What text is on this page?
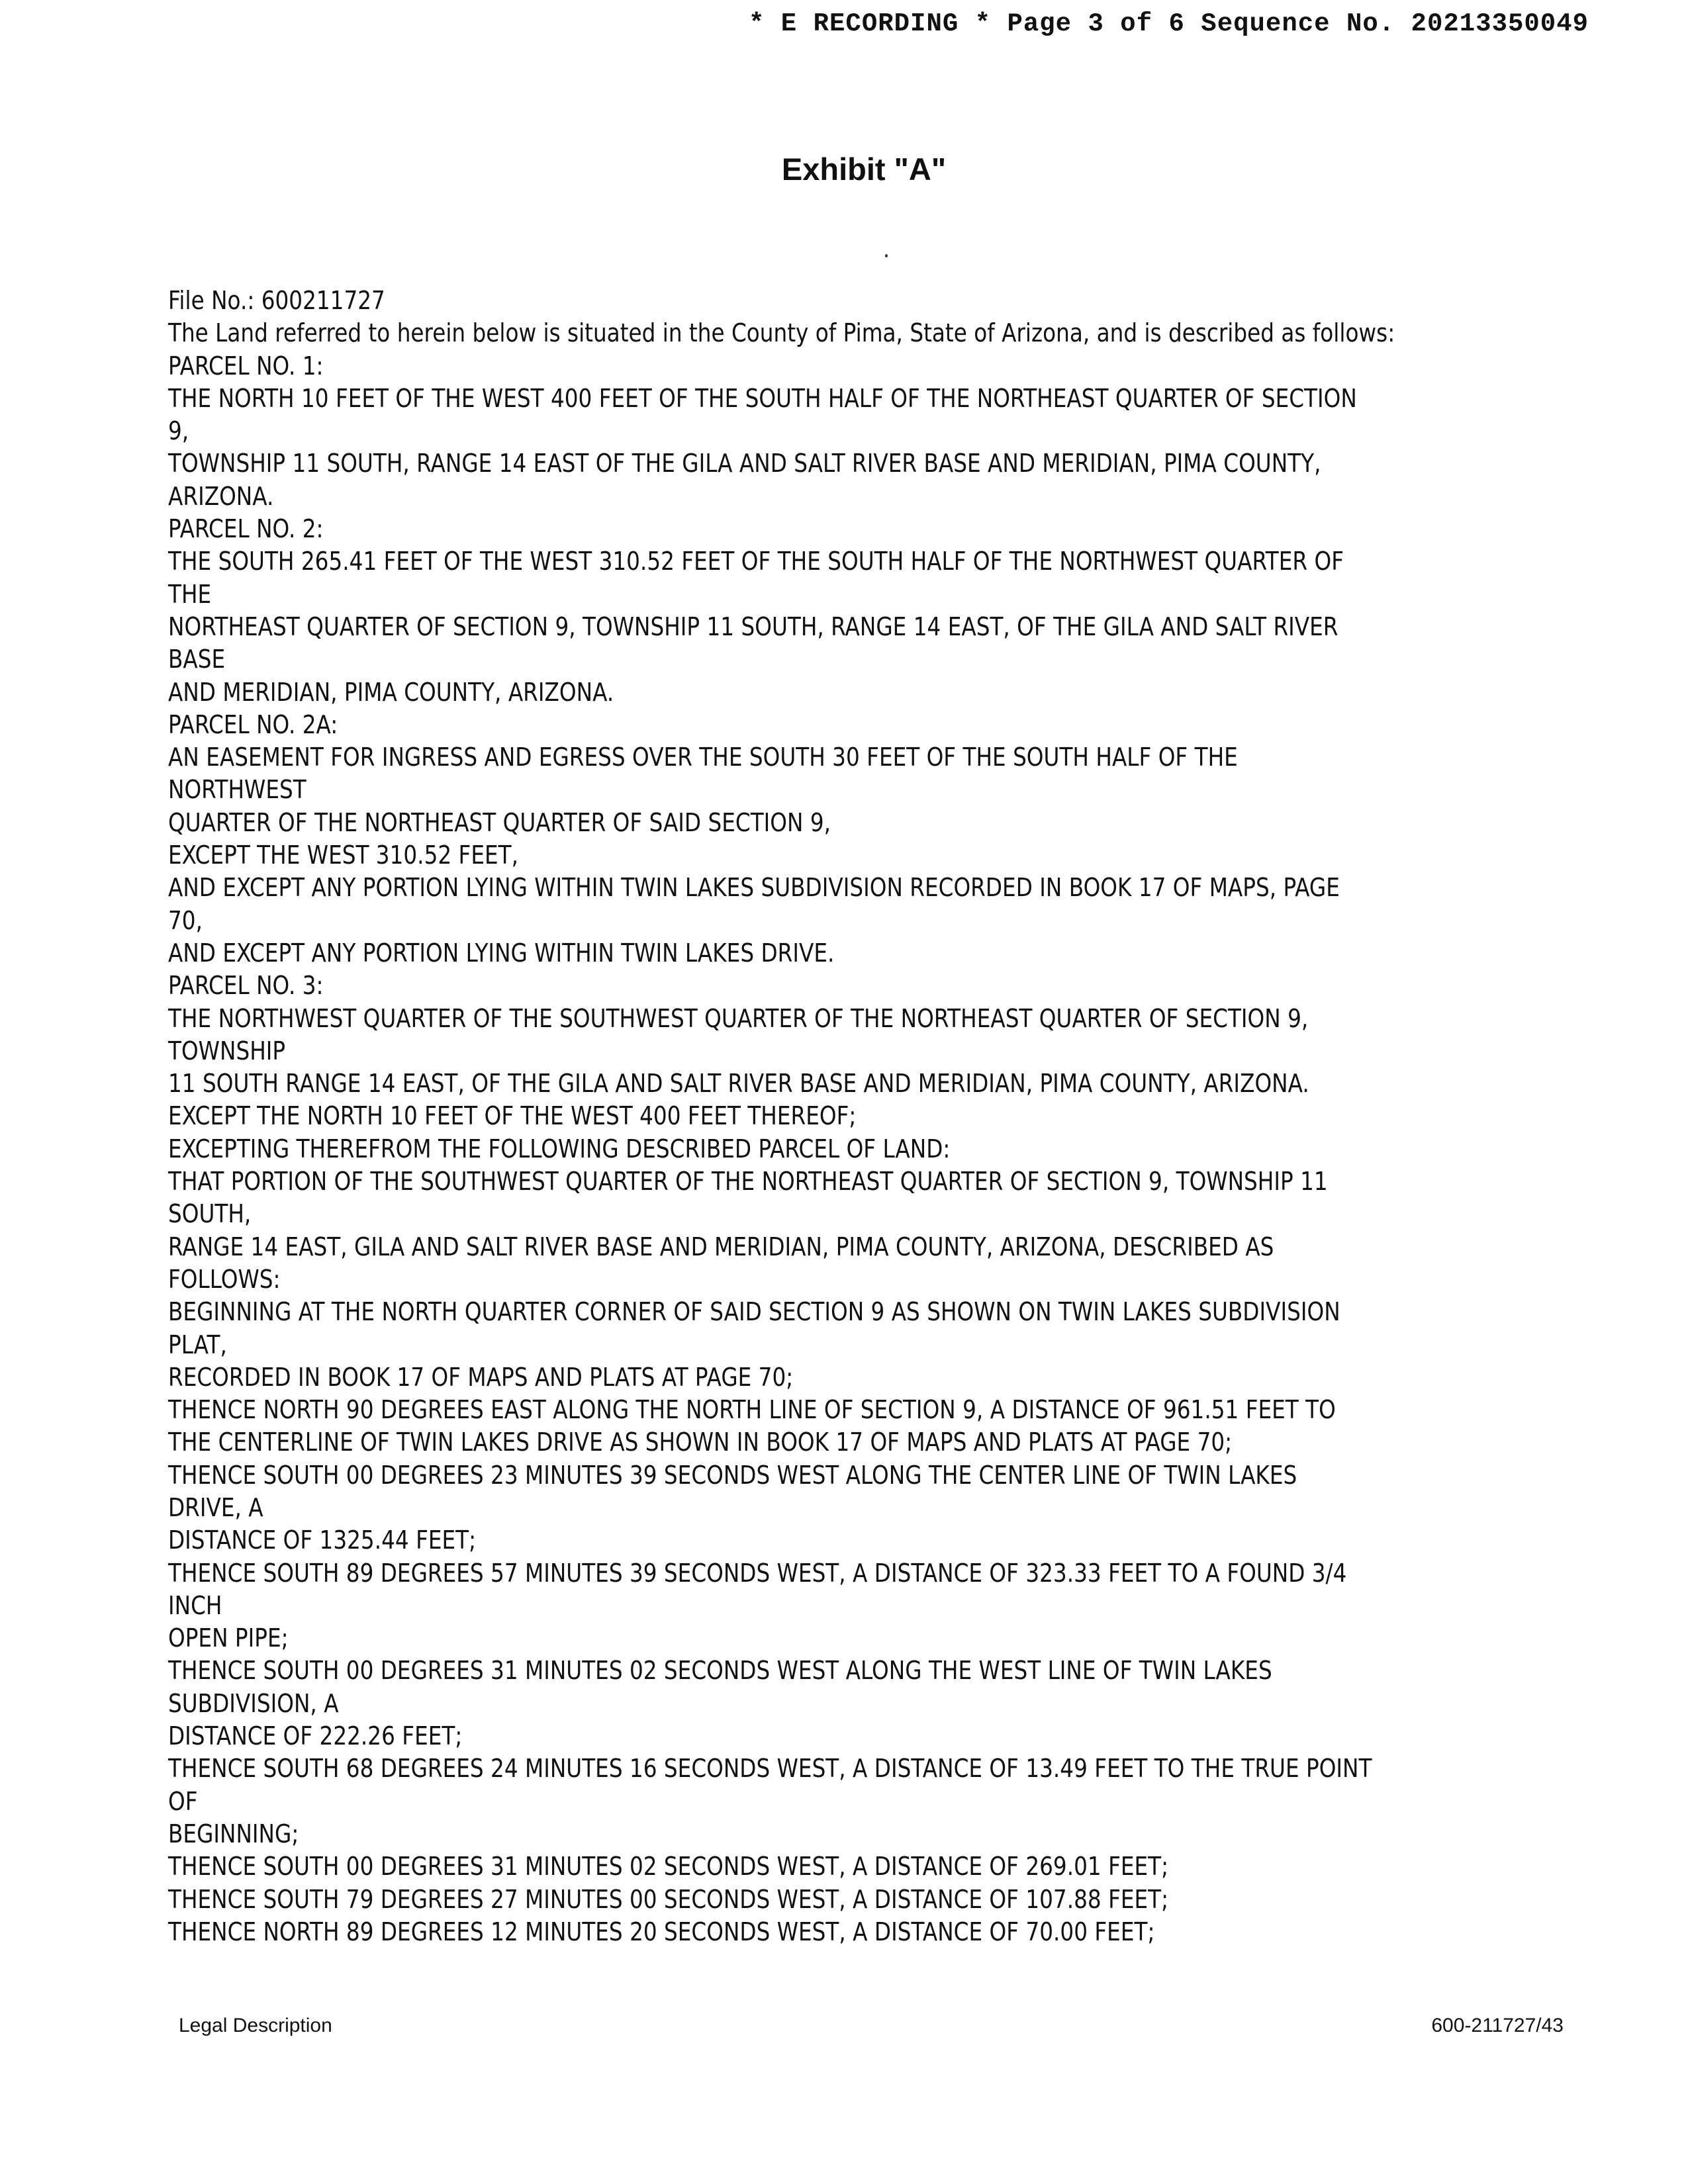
* E RECORDING * Page 3 of 6 Sequence No. 20213350049
Exhibit "A"
File No.: 600211727
The Land referred to herein below is situated in the County of Pima, State of Arizona, and is described as follows:
PARCEL NO. 1:
THE NORTH 10 FEET OF THE WEST 400 FEET OF THE SOUTH HALF OF THE NORTHEAST QUARTER OF SECTION
9,
TOWNSHIP 11 SOUTH, RANGE 14 EAST OF THE GILA AND SALT RIVER BASE AND MERIDIAN, PIMA COUNTY,
ARIZONA.
PARCEL NO. 2:
THE SOUTH 265.41 FEET OF THE WEST 310.52 FEET OF THE SOUTH HALF OF THE NORTHWEST QUARTER OF
THE
NORTHEAST QUARTER OF SECTION 9, TOWNSHIP 11 SOUTH, RANGE 14 EAST, OF THE GILA AND SALT RIVER
BASE
AND MERIDIAN, PIMA COUNTY, ARIZONA.
PARCEL NO. 2A:
AN EASEMENT FOR INGRESS AND EGRESS OVER THE SOUTH 30 FEET OF THE SOUTH HALF OF THE
NORTHWEST
QUARTER OF THE NORTHEAST QUARTER OF SAID SECTION 9,
EXCEPT THE WEST 310.52 FEET,
AND EXCEPT ANY PORTION LYING WITHIN TWIN LAKES SUBDIVISION RECORDED IN BOOK 17 OF MAPS, PAGE
70,
AND EXCEPT ANY PORTION LYING WITHIN TWIN LAKES DRIVE.
PARCEL NO. 3:
THE NORTHWEST QUARTER OF THE SOUTHWEST QUARTER OF THE NORTHEAST QUARTER OF SECTION 9,
TOWNSHIP
11 SOUTH RANGE 14 EAST, OF THE GILA AND SALT RIVER BASE AND MERIDIAN, PIMA COUNTY, ARIZONA.
EXCEPT THE NORTH 10 FEET OF THE WEST 400 FEET THEREOF;
EXCEPTING THEREFROM THE FOLLOWING DESCRIBED PARCEL OF LAND:
THAT PORTION OF THE SOUTHWEST QUARTER OF THE NORTHEAST QUARTER OF SECTION 9, TOWNSHIP 11
SOUTH,
RANGE 14 EAST, GILA AND SALT RIVER BASE AND MERIDIAN, PIMA COUNTY, ARIZONA, DESCRIBED AS
FOLLOWS:
BEGINNING AT THE NORTH QUARTER CORNER OF SAID SECTION 9 AS SHOWN ON TWIN LAKES SUBDIVISION
PLAT,
RECORDED IN BOOK 17 OF MAPS AND PLATS AT PAGE 70;
THENCE NORTH 90 DEGREES EAST ALONG THE NORTH LINE OF SECTION 9, A DISTANCE OF 961.51 FEET TO
THE CENTERLINE OF TWIN LAKES DRIVE AS SHOWN IN BOOK 17 OF MAPS AND PLATS AT PAGE 70;
THENCE SOUTH 00 DEGREES 23 MINUTES 39 SECONDS WEST ALONG THE CENTER LINE OF TWIN LAKES
DRIVE, A
DISTANCE OF 1325.44 FEET;
THENCE SOUTH 89 DEGREES 57 MINUTES 39 SECONDS WEST, A DISTANCE OF 323.33 FEET TO A FOUND 3/4
INCH
OPEN PIPE;
THENCE SOUTH 00 DEGREES 31 MINUTES 02 SECONDS WEST ALONG THE WEST LINE OF TWIN LAKES
SUBDIVISION, A
DISTANCE OF 222.26 FEET;
THENCE SOUTH 68 DEGREES 24 MINUTES 16 SECONDS WEST, A DISTANCE OF 13.49 FEET TO THE TRUE POINT
OF
BEGINNING;
THENCE SOUTH 00 DEGREES 31 MINUTES 02 SECONDS WEST, A DISTANCE OF 269.01 FEET;
THENCE SOUTH 79 DEGREES 27 MINUTES 00 SECONDS WEST, A DISTANCE OF 107.88 FEET;
THENCE NORTH 89 DEGREES 12 MINUTES 20 SECONDS WEST, A DISTANCE OF 70.00 FEET;
Legal Description	600-211727/43
